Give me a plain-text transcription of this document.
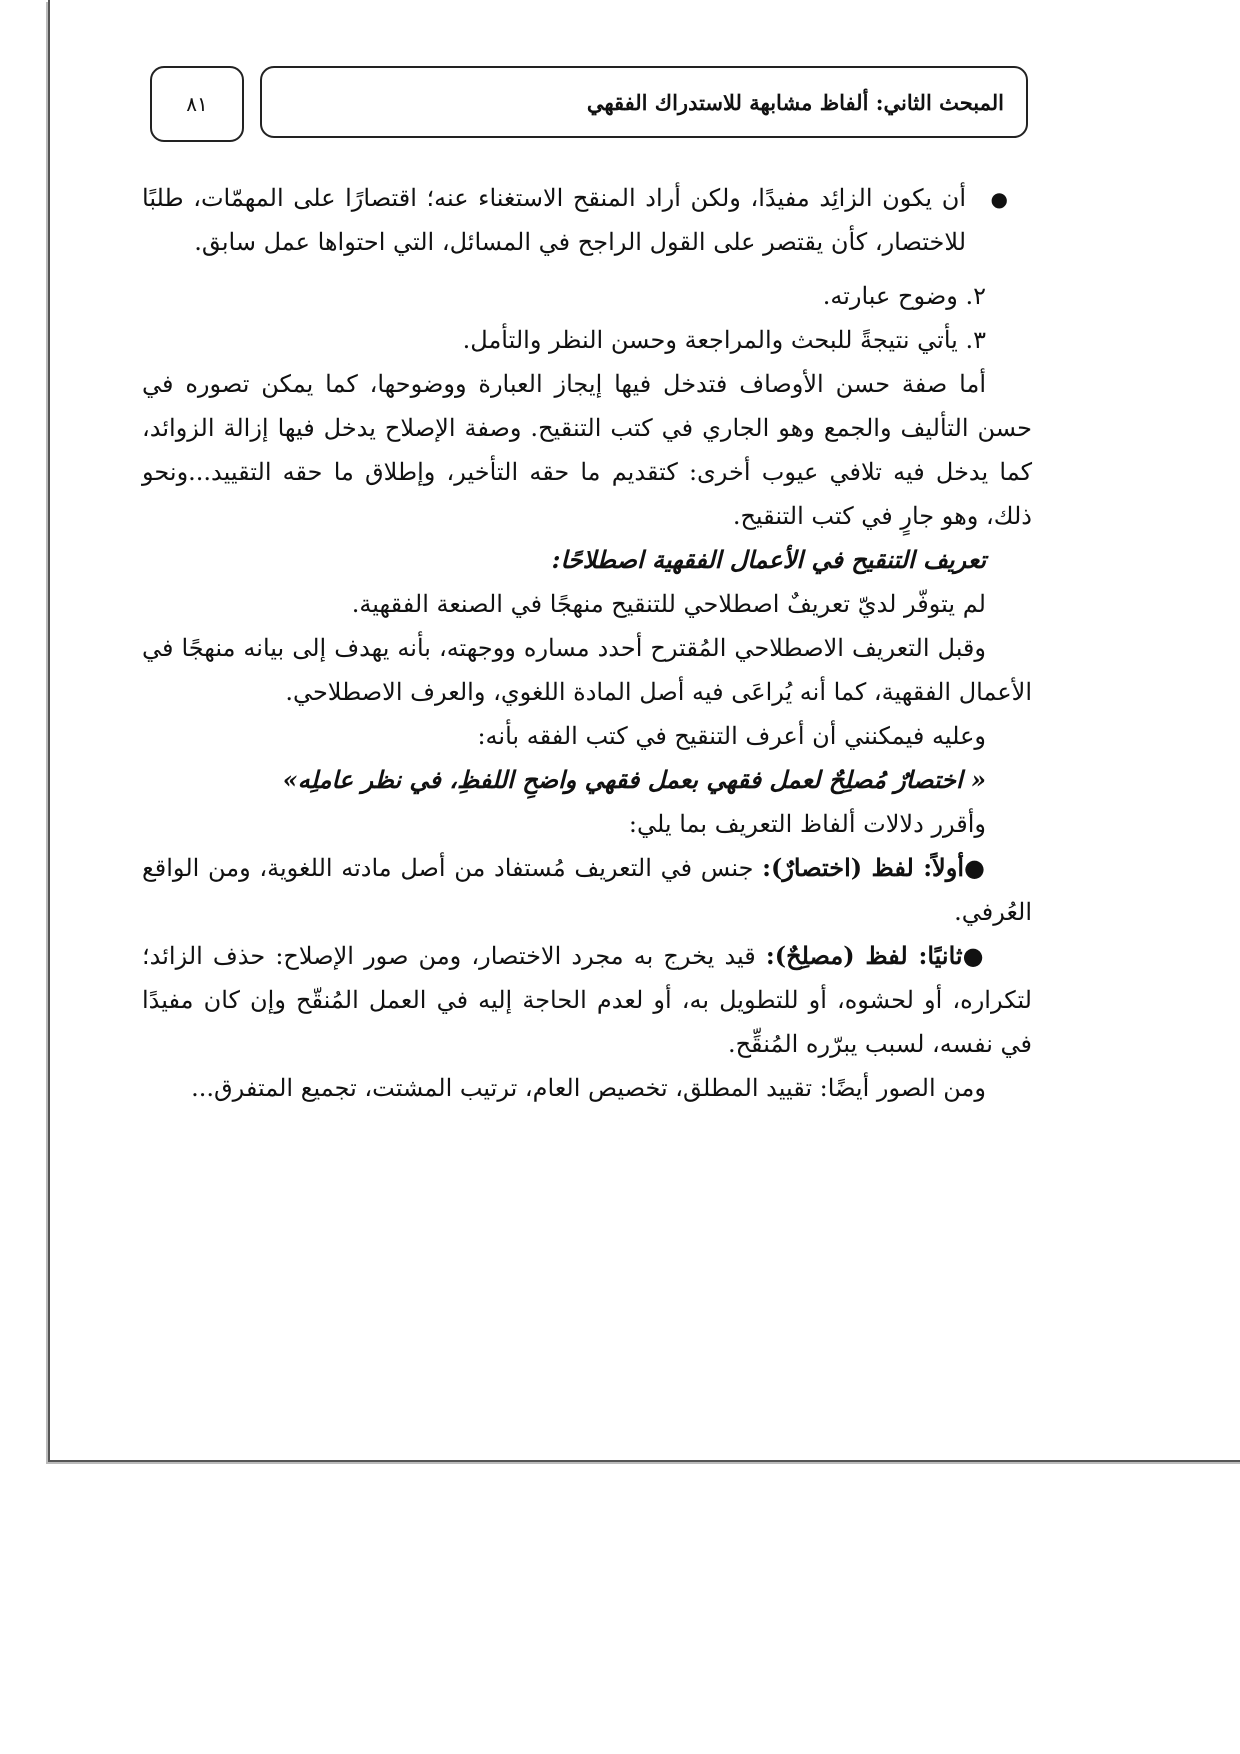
٨١	المبحث الثاني: ألفاظ مشابهة للاستدراك الفقهي
●
أن يكون الزائِد مفيدًا، ولكن أراد المنقح الاستغناء عنه؛ اقتصارًا على المهمّات، طلبًا للاختصار، كأن يقتصر على القول الراجح في المسائل، التي احتواها عمل سابق.

٢. وضوح عبارته.

٣. يأتي نتيجةً للبحث والمراجعة وحسن النظر والتأمل.

أما صفة حسن الأوصاف فتدخل فيها إيجاز العبارة ووضوحها، كما يمكن تصوره في حسن التأليف والجمع وهو الجاري في كتب التنقيح. وصفة الإصلاح يدخل فيها إزالة الزوائد، كما يدخل فيه تلافي عيوب أخرى: كتقديم ما حقه التأخير، وإطلاق ما حقه التقييد...ونحو ذلك، وهو جارٍ في كتب التنقيح.

تعريف التنقيح في الأعمال الفقهية اصطلاحًا:

لم يتوفّر لديّ تعريفٌ اصطلاحي للتنقيح منهجًا في الصنعة الفقهية.

وقبل التعريف الاصطلاحي المُقترح أحدد مساره ووجهته، بأنه يهدف إلى بيانه منهجًا في الأعمال الفقهية، كما أنه يُراعَى فيه أصل المادة اللغوي، والعرف الاصطلاحي.

وعليه فيمكنني أن أعرف التنقيح في كتب الفقه بأنه:

« اختصارٌ مُصلِحٌ لعمل فقهي بعمل فقهي واضحِ اللفظِ، في نظر عاملِه»

وأقرر دلالات ألفاظ التعريف بما يلي:

●أولاً: لفظ (اختصارٌ): جنس في التعريف مُستفاد من أصل مادته اللغوية، ومن الواقع العُرفي.

●ثانيًا: لفظ (مصلِحٌ): قيد يخرج به مجرد الاختصار، ومن صور الإصلاح: حذف الزائد؛ لتكراره، أو لحشوه، أو للتطويل به، أو لعدم الحاجة إليه في العمل المُنقّح وإن كان مفيدًا في نفسه، لسبب يبرّره المُنقِّح.

ومن الصور أيضًا: تقييد المطلق، تخصيص العام، ترتيب المشتت، تجميع المتفرق...
